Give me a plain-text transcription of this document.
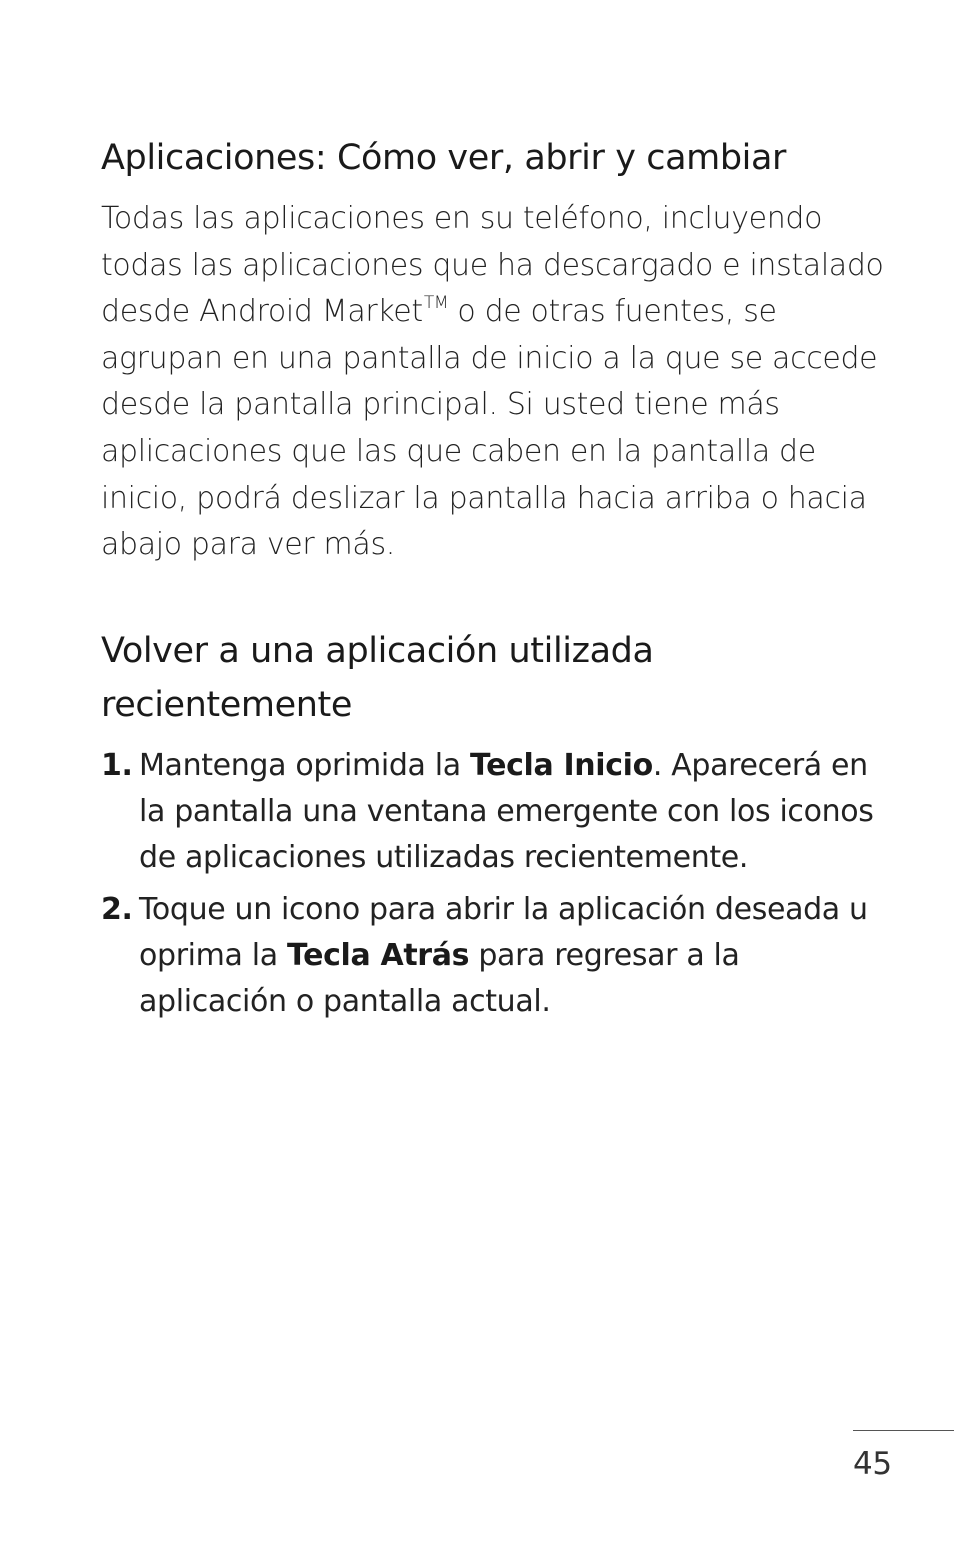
Aplicaciones: Cómo ver, abrir y cambiar

Todas las aplicaciones en su teléfono, incluyendo todas las aplicaciones que ha descargado e instalado desde Android Market™ o de otras fuentes, se agrupan en una pantalla de inicio a la que se accede desde la pantalla principal. Si usted tiene más aplicaciones que las que caben en la pantalla de inicio, podrá deslizar la pantalla hacia arriba o hacia abajo para ver más.

Volver a una aplicación utilizada recientemente
1. Mantenga oprimida la Tecla Inicio. Aparecerá en la pantalla una ventana emergente con los iconos de aplicaciones utilizadas recientemente.
2. Toque un icono para abrir la aplicación deseada u oprima la Tecla Atrás para regresar a la aplicación o pantalla actual.
45
